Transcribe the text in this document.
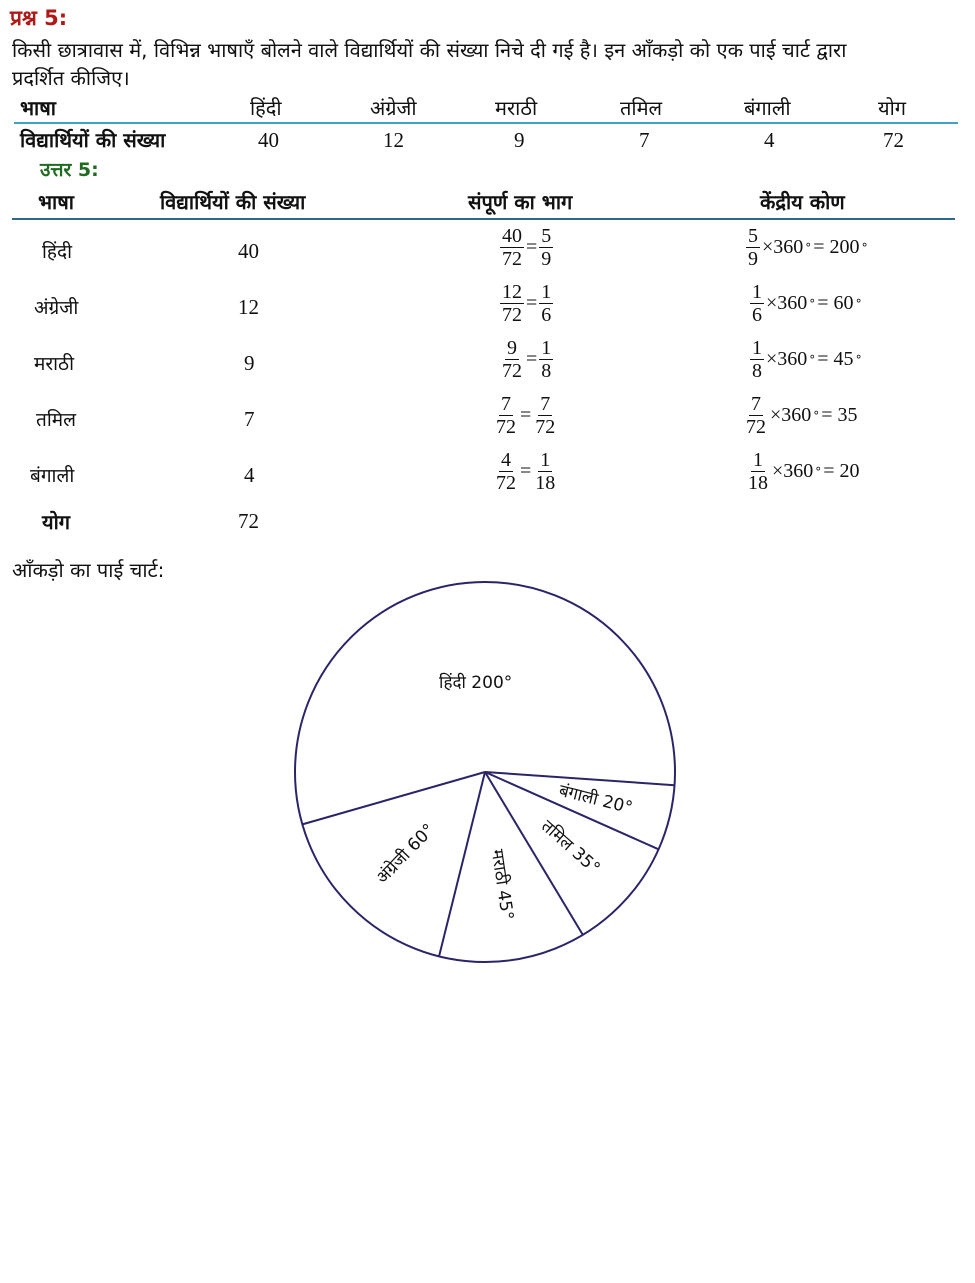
प्रश्न 5:
किसी छात्रावास में, विभिन्न भाषाएँ बोलने वाले विद्यार्थियों की संख्या निचे दी गई है। इन आँकड़ो को एक पाई चार्ट द्वारा
प्रदर्शित कीजिए।
भाषा	हिंदी	अंग्रेजी	मराठी	तमिल	बंगाली	योग
विद्यार्थियों की संख्या	40	12	9	7	4	72
उत्तर 5:
भाषा	विद्यार्थियों की संख्या	संपूर्ण का भाग	केंद्रीय कोण
हिंदी	40	$\frac{40}{72} = \frac{5}{9}$	$\frac{5}{9} \times 360$ ° = 200 °
अंग्रेजी	12	$\frac{12}{72} = \frac{1}{6}$	$\frac{1}{6} \times 360$ ° = 60 °
मराठी	9	$\frac{9}{72} = \frac{1}{8}$	$\frac{1}{8} \times 360$ ° = 45 °
तमिल	7	$\frac{7}{72} = \frac{7}{72}$	$\frac{7}{72} \times 360$ ° = 35
बंगाली	4	$\frac{4}{72} = \frac{1}{18}$	$\frac{1}{18} \times 360$ ° = 20
योग	72
आँकड़ो का पाई चार्ट:
हिंदी 200°
अंग्रेजी 60°	मराठी 45°
तमिल 35°
बंगाली 20°
